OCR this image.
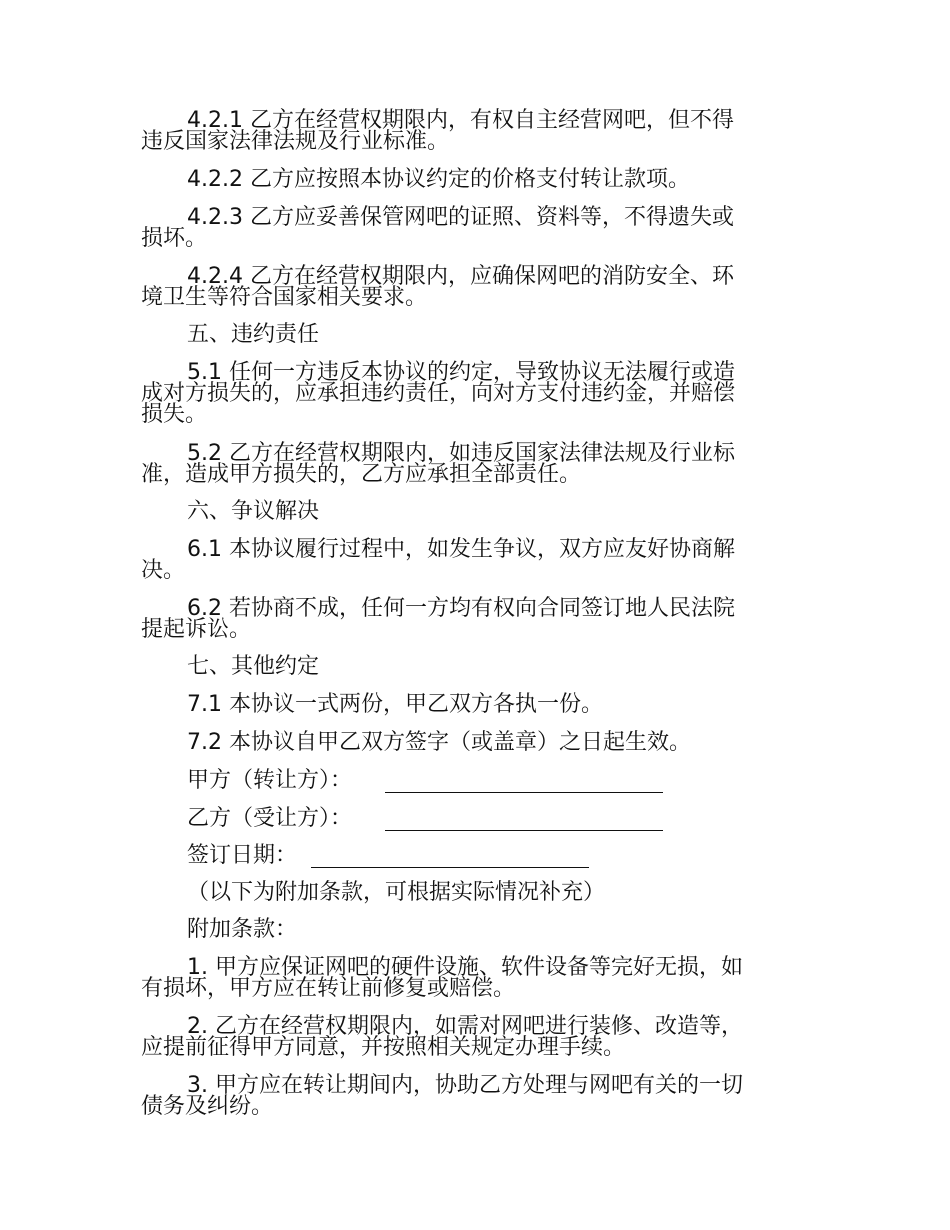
4.2.1 乙方在经营权期限内，有权自主经营网吧，但不得
违反国家法律法规及行业标准。
4.2.2 乙方应按照本协议约定的价格支付转让款项。
4.2.3 乙方应妥善保管网吧的证照、资料等，不得遗失或
损坏。
4.2.4 乙方在经营权期限内，应确保网吧的消防安全、环
境卫生等符合国家相关要求。
五、违约责任
5.1 任何一方违反本协议的约定，导致协议无法履行或造
成对方损失的，应承担违约责任，向对方支付违约金，并赔偿
损失。
5.2 乙方在经营权期限内，如违反国家法律法规及行业标
准，造成甲方损失的，乙方应承担全部责任。
六、争议解决
6.1 本协议履行过程中，如发生争议，双方应友好协商解
决。
6.2 若协商不成，任何一方均有权向合同签订地人民法院
提起诉讼。
七、其他约定
7.1 本协议一式两份，甲乙双方各执一份。
7.2 本协议自甲乙双方签字（或盖章）之日起生效。
甲方（转让方）：
乙方（受让方）：
签订日期：
（以下为附加条款，可根据实际情况补充）
附加条款：
1. 甲方应保证网吧的硬件设施、软件设备等完好无损，如
有损坏，甲方应在转让前修复或赔偿。
2. 乙方在经营权期限内，如需对网吧进行装修、改造等，
应提前征得甲方同意，并按照相关规定办理手续。
3. 甲方应在转让期间内，协助乙方处理与网吧有关的一切
债务及纠纷。
